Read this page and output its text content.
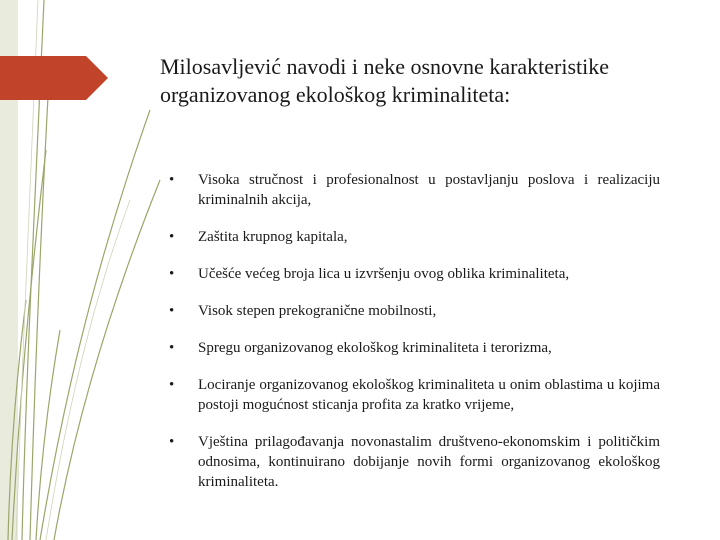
Milosavljević navodi i neke osnovne karakteristike
organizovanog ekološkog kriminaliteta:
• Visoka stručnost i profesionalnost u postavljanju poslova i realizaciju kriminalnih akcija,
• Zaštita krupnog kapitala,
• Učešće većeg broja lica u izvršenju ovog oblika kriminaliteta,
• Visok stepen prekogranične mobilnosti,
• Spregu organizovanog ekološkog kriminaliteta i terorizma,
• Lociranje organizovanog ekološkog kriminaliteta u onim oblastima u kojima postoji mogućnost sticanja profita za kratko vrijeme,
• Vještina prilagođavanja novonastalim društveno-ekonomskim i političkim odnosima, kontinuirano dobijanje novih formi organizovanog ekološkog kriminaliteta.
